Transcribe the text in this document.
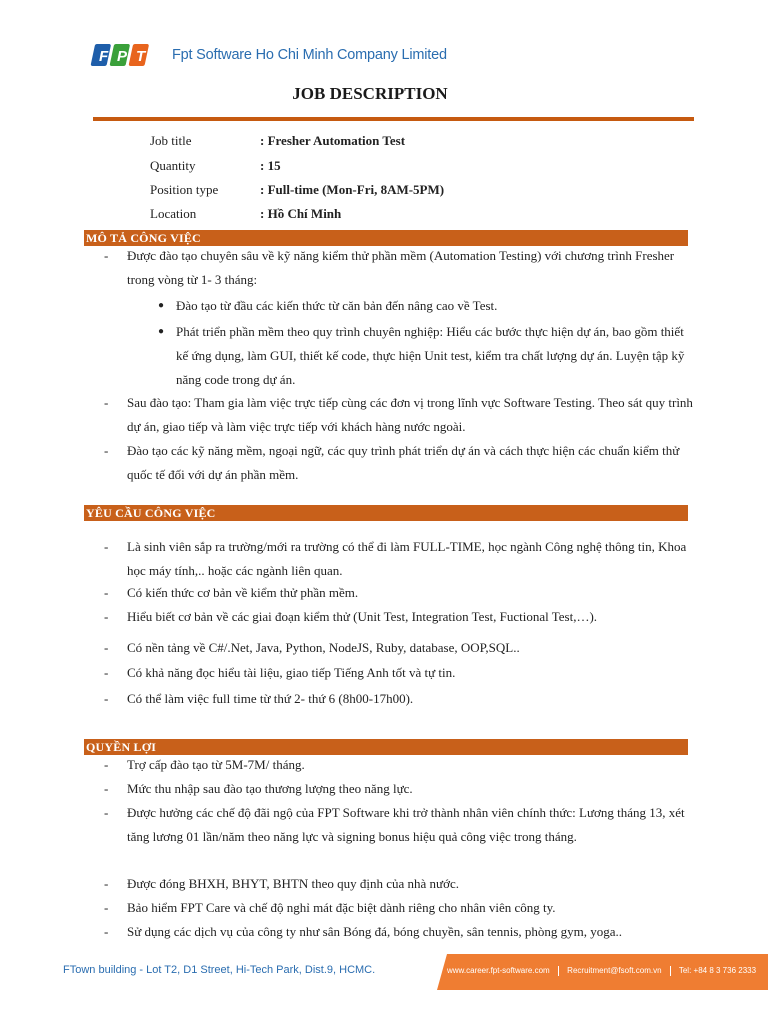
F P T Fpt Software Ho Chi Minh Company Limited
JOB DESCRIPTION
Job title	: Fresher Automation Test
Quantity	: 15
Position type	: Full-time (Mon-Fri, 8AM-5PM)
Location	: Hồ Chí Minh
MÔ TẢ CÔNG VIỆC
- Được đào tạo chuyên sâu về kỹ năng kiểm thử phần mềm (Automation Testing) với chương trình Fresher trong vòng từ 1- 3 tháng:
● Đào tạo từ đầu các kiến thức từ căn bản đến nâng cao về Test.
● Phát triển phần mềm theo quy trình chuyên nghiệp: Hiểu các bước thực hiện dự án, bao gồm thiết kế ứng dụng, làm GUI, thiết kế code, thực hiện Unit test, kiểm tra chất lượng dự án. Luyện tập kỹ năng code trong dự án.
- Sau đào tạo: Tham gia làm việc trực tiếp cùng các đơn vị trong lĩnh vực Software Testing. Theo sát quy trình dự án, giao tiếp và làm việc trực tiếp với khách hàng nước ngoài.
- Đào tạo các kỹ năng mềm, ngoại ngữ, các quy trình phát triển dự án và cách thực hiện các chuẩn kiểm thử quốc tế đối với dự án phần mềm.
YÊU CẦU CÔNG VIỆC
- Là sinh viên sắp ra trường/mới ra trường có thể đi làm FULL-TIME, học ngành Công nghệ thông tin, Khoa học máy tính,.. hoặc các ngành liên quan.
- Có kiến thức cơ bản về kiểm thử phần mềm.
- Hiểu biết cơ bản về các giai đoạn kiểm thử (Unit Test, Integration Test, Fuctional Test,…).
- Có nền tảng về C#/.Net, Java, Python, NodeJS, Ruby, database, OOP,SQL..
- Có khả năng đọc hiểu tài liệu, giao tiếp Tiếng Anh tốt và tự tin.
- Có thể làm việc full time từ thứ 2- thứ 6 (8h00-17h00).
QUYỀN LỢI
- Trợ cấp đào tạo từ 5M-7M/ tháng.
- Mức thu nhập sau đào tạo thương lượng theo năng lực.
- Được hưởng các chế độ đãi ngộ của FPT Software khi trở thành nhân viên chính thức: Lương tháng 13, xét tăng lương 01 lần/năm theo năng lực và signing bonus hiệu quả công việc trong tháng.
- Được đóng BHXH, BHYT, BHTN theo quy định của nhà nước.
- Bảo hiểm FPT Care và chế độ nghỉ mát đặc biệt dành riêng cho nhân viên công ty.
- Sử dụng các dịch vụ của công ty như sân Bóng đá, bóng chuyền, sân tennis, phòng gym, yoga..
FTown building - Lot T2, D1 Street, Hi-Tech Park, Dist.9, HCMC.	www.career.fpt-software.com Recruitment@fsoft.com.vn Tel: +84 8 3 736 2333
